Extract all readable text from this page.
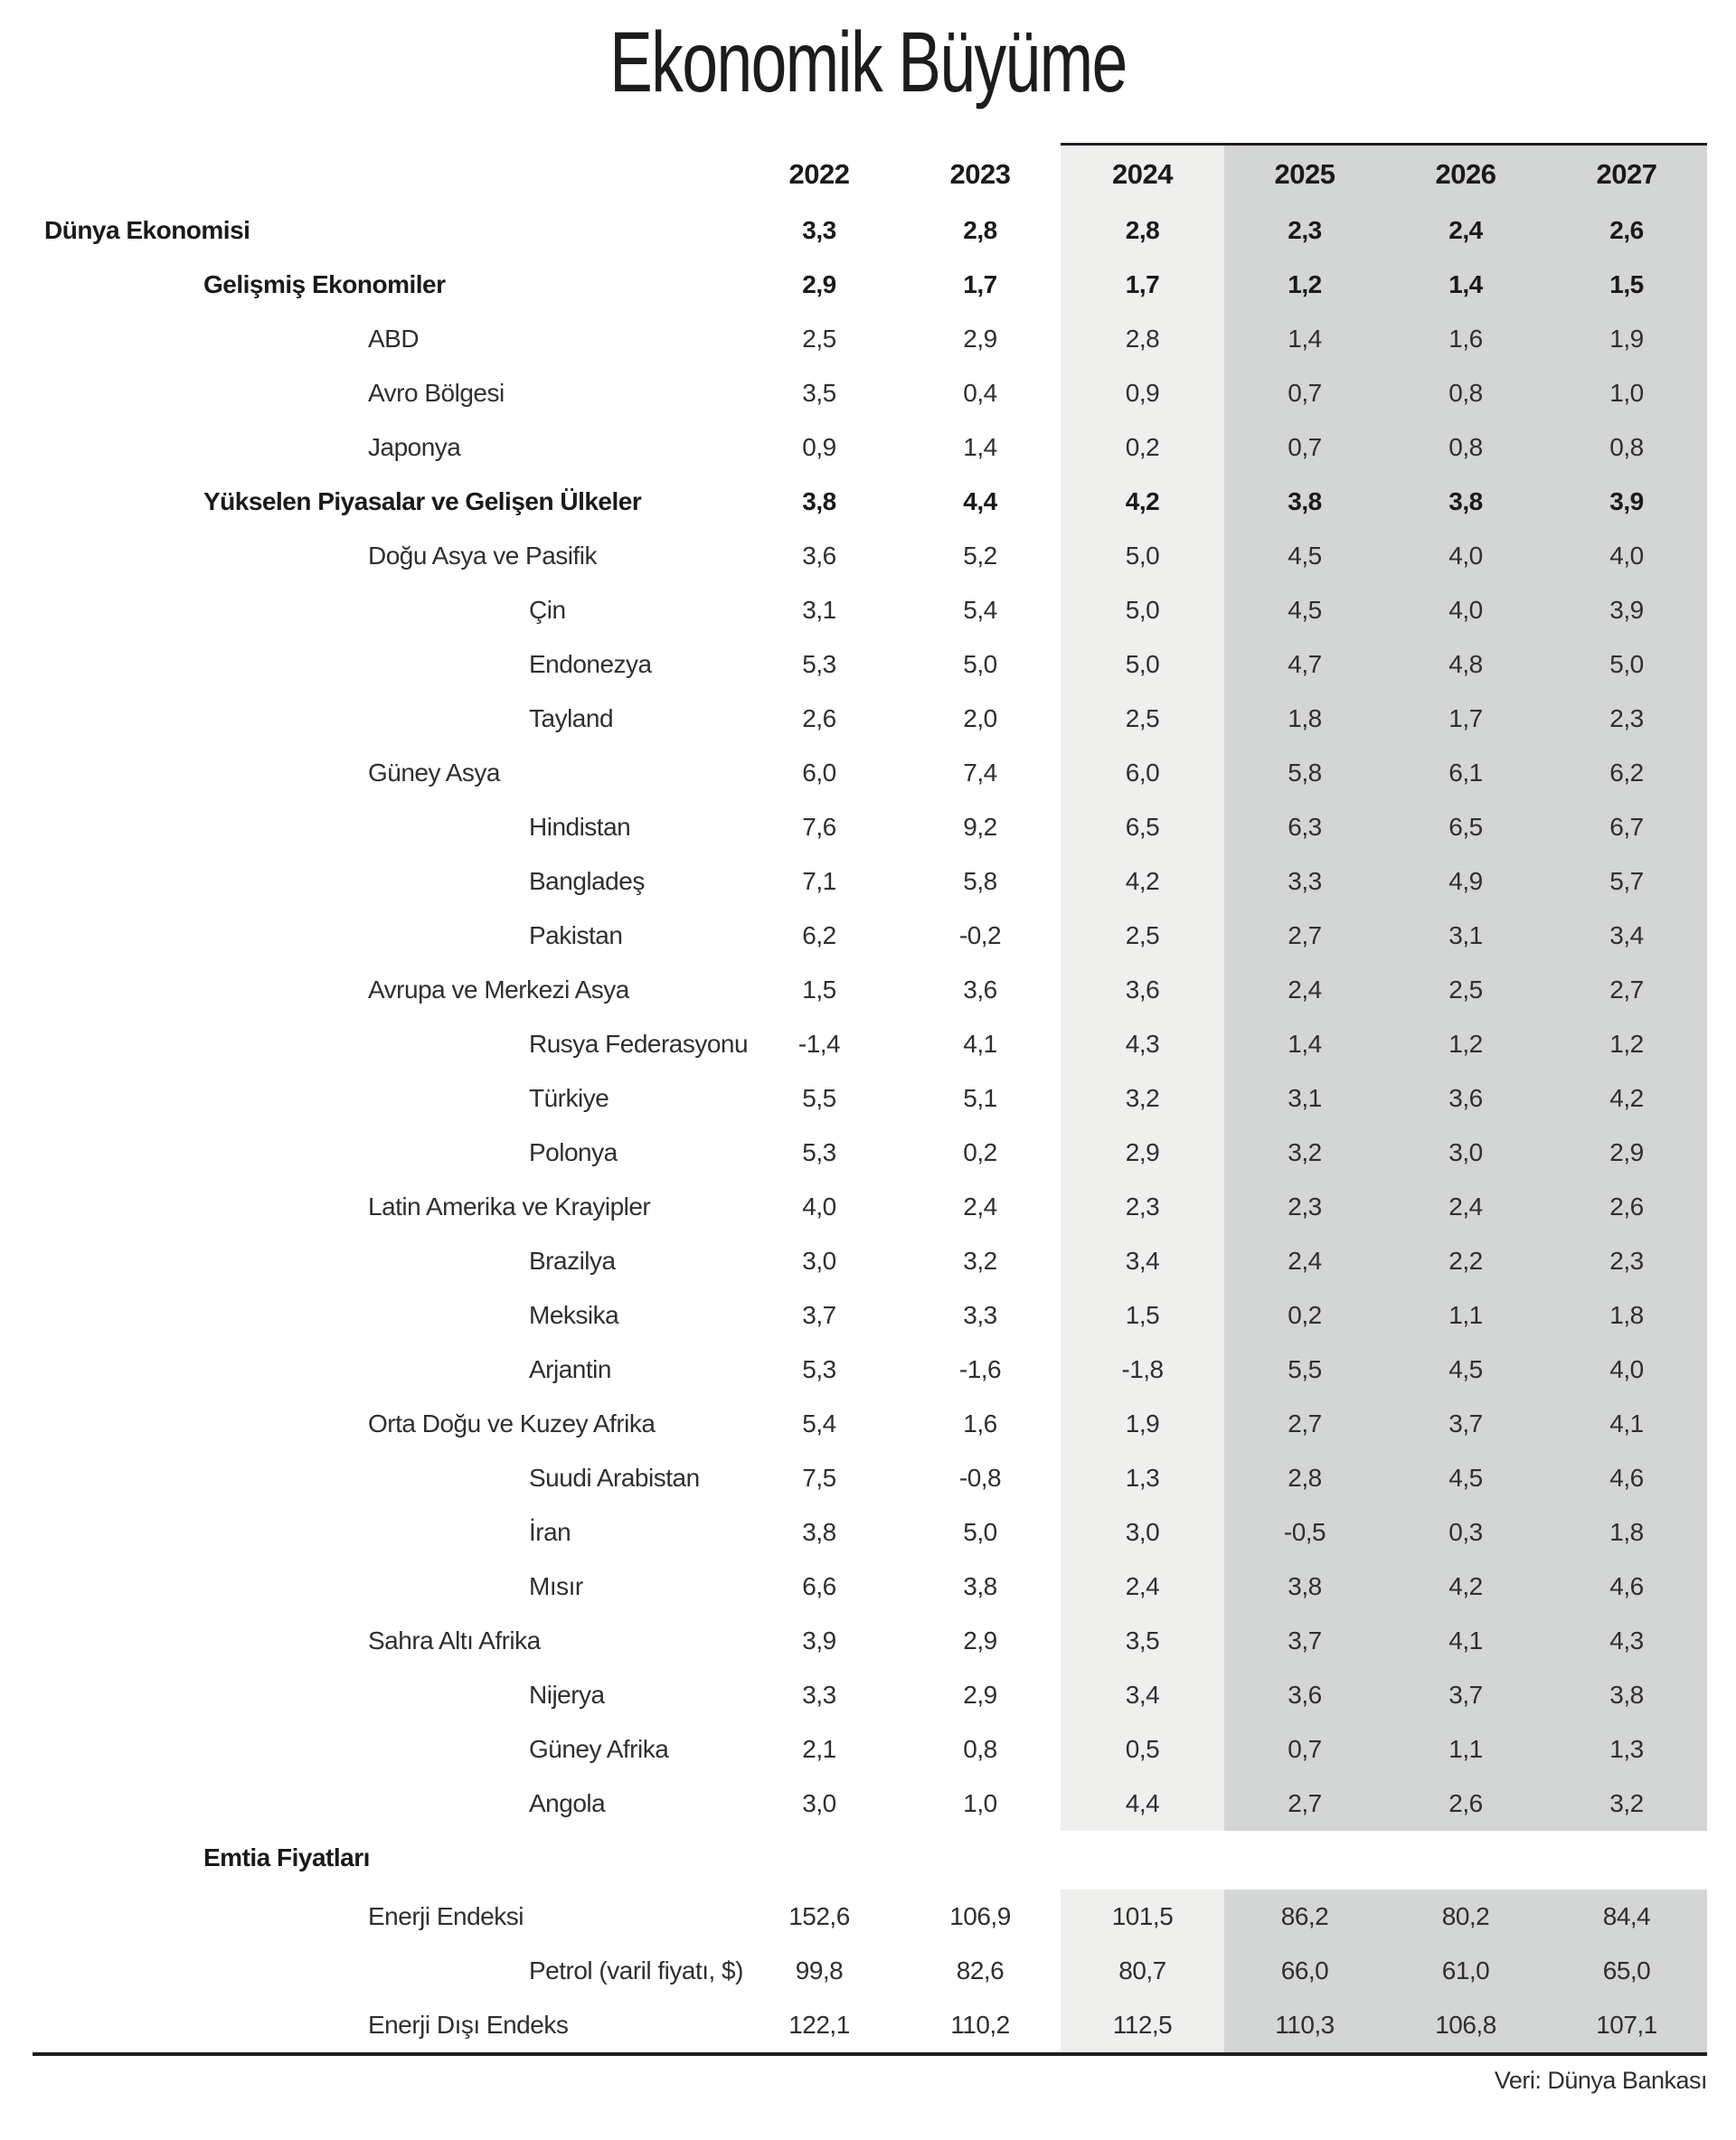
Ekonomik Büyüme
2022	2023	2024	2025	2026	2027
Dünya Ekonomisi	3,3	2,8	2,8	2,3	2,4	2,6
Gelişmiş Ekonomiler	2,9	1,7	1,7	1,2	1,4	1,5
ABD	2,5	2,9	2,8	1,4	1,6	1,9
Avro Bölgesi	3,5	0,4	0,9	0,7	0,8	1,0
Japonya	0,9	1,4	0,2	0,7	0,8	0,8
Yükselen Piyasalar ve Gelişen Ülkeler	3,8	4,4	4,2	3,8	3,8	3,9
Doğu Asya ve Pasifik	3,6	5,2	5,0	4,5	4,0	4,0
Çin	3,1	5,4	5,0	4,5	4,0	3,9
Endonezya	5,3	5,0	5,0	4,7	4,8	5,0
Tayland	2,6	2,0	2,5	1,8	1,7	2,3
Güney Asya	6,0	7,4	6,0	5,8	6,1	6,2
Hindistan	7,6	9,2	6,5	6,3	6,5	6,7
Bangladeş	7,1	5,8	4,2	3,3	4,9	5,7
Pakistan	6,2	-0,2	2,5	2,7	3,1	3,4
Avrupa ve Merkezi Asya	1,5	3,6	3,6	2,4	2,5	2,7
Rusya Federasyonu	-1,4	4,1	4,3	1,4	1,2	1,2
Türkiye	5,5	5,1	3,2	3,1	3,6	4,2
Polonya	5,3	0,2	2,9	3,2	3,0	2,9
Latin Amerika ve Krayipler	4,0	2,4	2,3	2,3	2,4	2,6
Brazilya	3,0	3,2	3,4	2,4	2,2	2,3
Meksika	3,7	3,3	1,5	0,2	1,1	1,8
Arjantin	5,3	-1,6	-1,8	5,5	4,5	4,0
Orta Doğu ve Kuzey Afrika	5,4	1,6	1,9	2,7	3,7	4,1
Suudi Arabistan	7,5	-0,8	1,3	2,8	4,5	4,6
İran	3,8	5,0	3,0	-0,5	0,3	1,8
Mısır	6,6	3,8	2,4	3,8	4,2	4,6
Sahra Altı Afrika	3,9	2,9	3,5	3,7	4,1	4,3
Nijerya	3,3	2,9	3,4	3,6	3,7	3,8
Güney Afrika	2,1	0,8	0,5	0,7	1,1	1,3
Angola	3,0	1,0	4,4	2,7	2,6	3,2
Emtia Fiyatları
Enerji Endeksi	152,6	106,9	101,5	86,2	80,2	84,4
Petrol (varil fiyatı, $)	99,8	82,6	80,7	66,0	61,0	65,0
Enerji Dışı Endeks	122,1	110,2	112,5	110,3	106,8	107,1
Veri: Dünya Bankası
